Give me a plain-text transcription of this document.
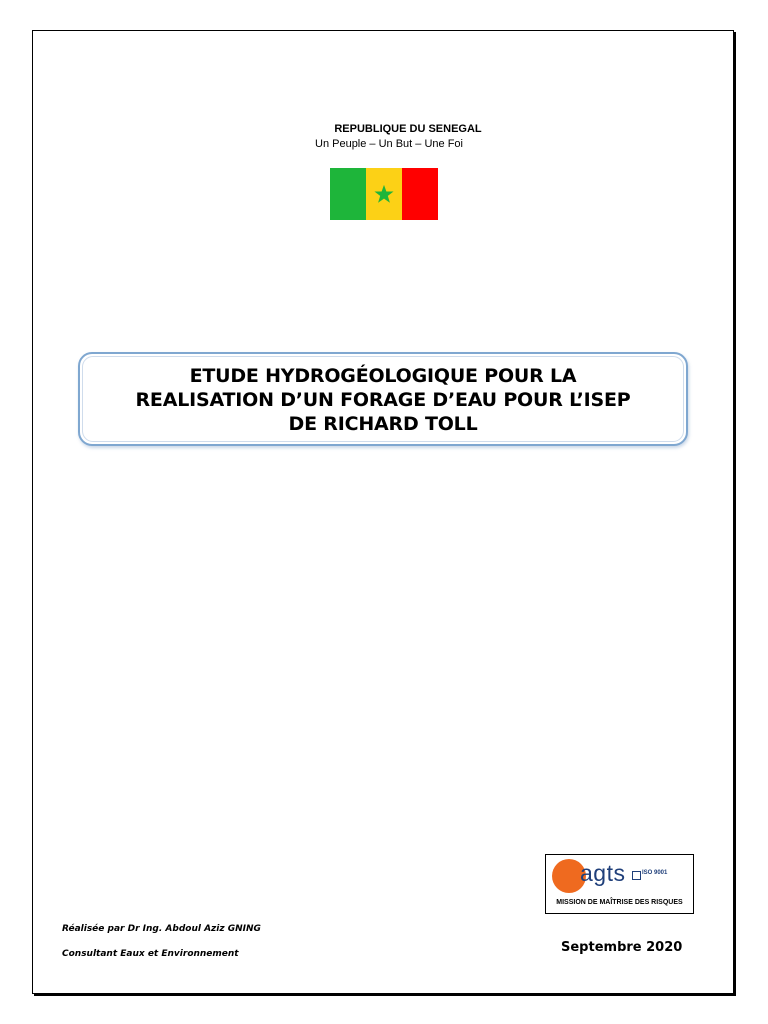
REPUBLIQUE DU SENEGAL
Un Peuple – Un But – Une Foi
ETUDE HYDROGÉOLOGIQUE POUR LA
REALISATION D’UN FORAGE D’EAU POUR L’ISEP
DE RICHARD TOLL
agts	ISO 9001
MISSION DE MAÎTRISE DES RISQUES
Réalisée par Dr Ing. Abdoul Aziz GNING
Consultant Eaux et Environnement	Septembre 2020
